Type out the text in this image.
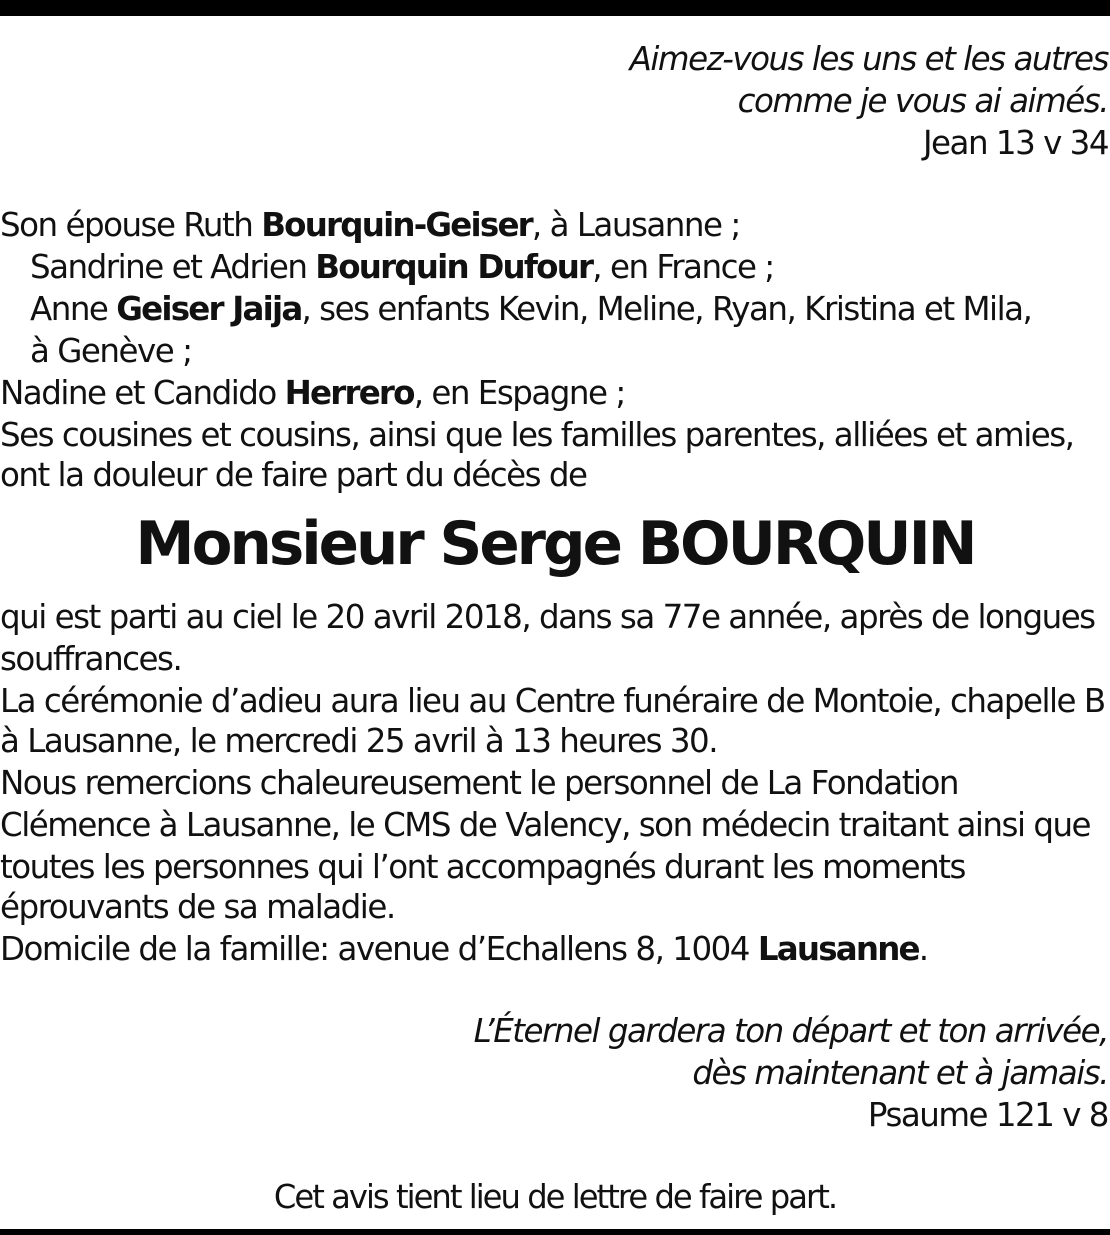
Aimez-vous les uns et les autres
comme je vous ai aimés.
Jean 13 v 34
Son épouse Ruth Bourquin-Geiser, à Lausanne ;
Sandrine et Adrien Bourquin Dufour, en France ;
Anne Geiser Jaija, ses enfants Kevin, Meline, Ryan, Kristina et Mila,
à Genève ;
Nadine et Candido Herrero, en Espagne ;
Ses cousines et cousins, ainsi que les familles parentes, alliées et amies,
ont la douleur de faire part du décès de
Monsieur Serge BOURQUIN
qui est parti au ciel le 20 avril 2018, dans sa 77e année, après de longues
souffrances.
La cérémonie d’adieu aura lieu au Centre funéraire de Montoie, chapelle B
à Lausanne, le mercredi 25 avril à 13 heures 30.
Nous remercions chaleureusement le personnel de La Fondation
Clémence à Lausanne, le CMS de Valency, son médecin traitant ainsi que
toutes les personnes qui l’ont accompagnés durant les moments
éprouvants de sa maladie.
Domicile de la famille: avenue d’Echallens 8, 1004 Lausanne.
L’Éternel gardera ton départ et ton arrivée,
dès maintenant et à jamais.
Psaume 121 v 8
Cet avis tient lieu de lettre de faire part.
